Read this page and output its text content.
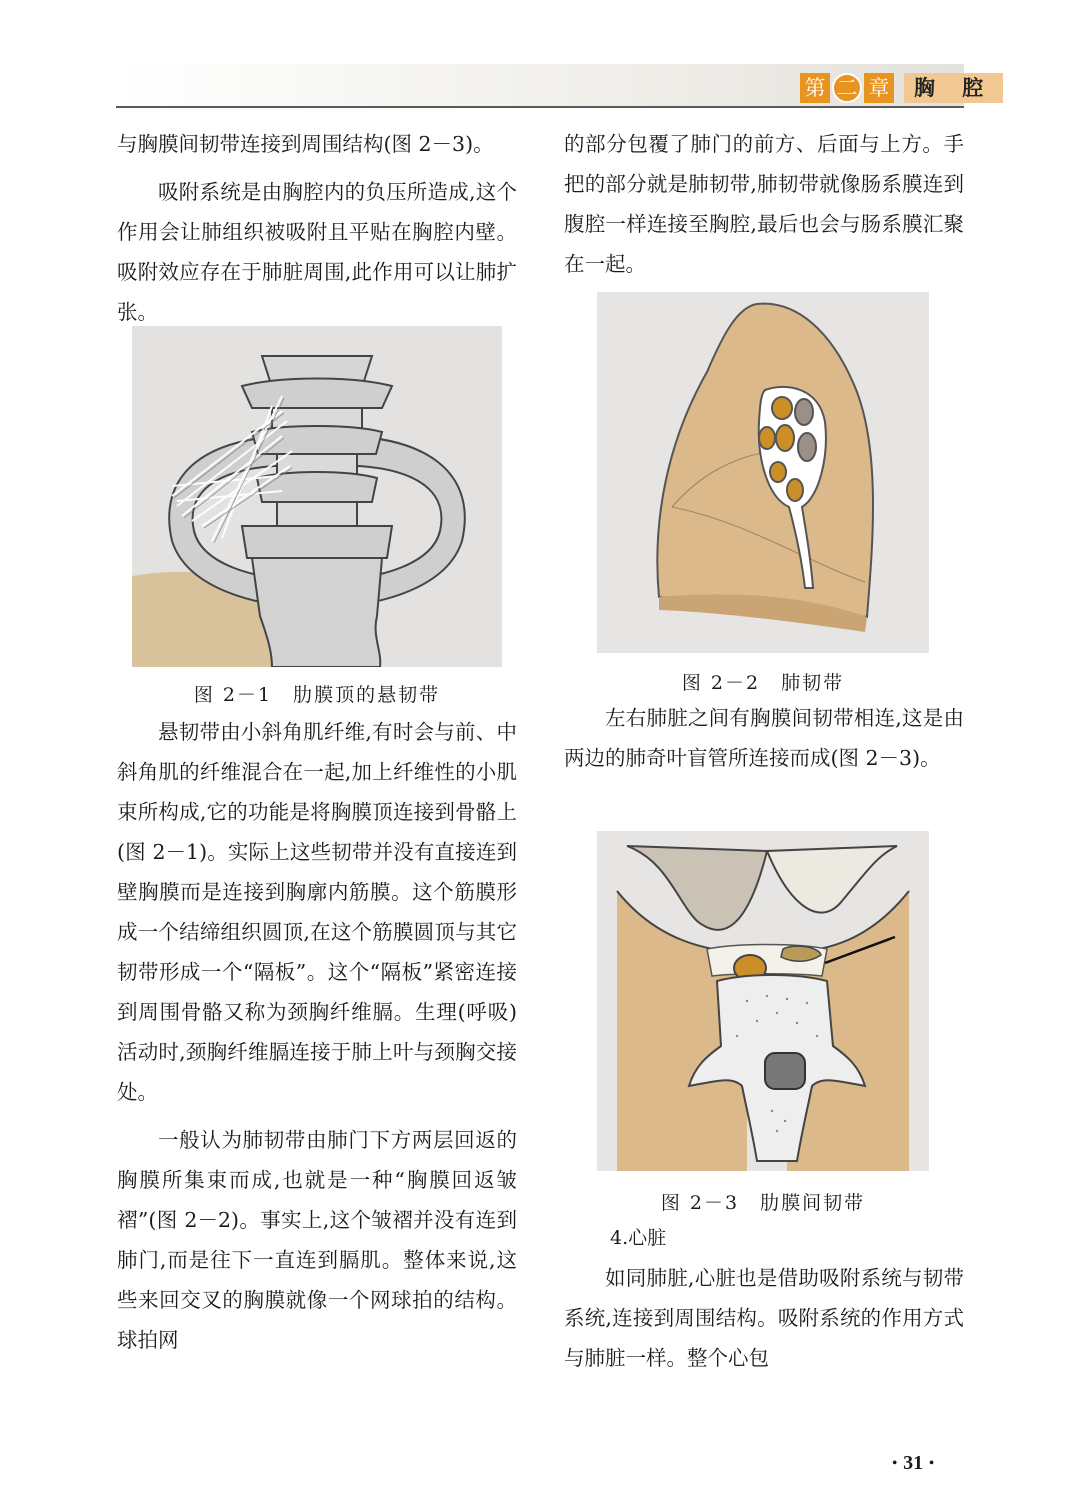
第 二 章	胸 腔

与胸膜间韧带连接到周围结构(图 2－3)。

吸附系统是由胸腔内的负压所造成,这个作用会让肺组织被吸附且平贴在胸腔内壁。吸附效应存在于肺脏周围,此作用可以让肺扩张。

图 2－1　肋膜顶的悬韧带

悬韧带由小斜角肌纤维,有时会与前、中斜角肌的纤维混合在一起,加上纤维性的小肌束所构成,它的功能是将胸膜顶连接到骨骼上(图 2－1)。实际上这些韧带并没有直接连到壁胸膜而是连接到胸廓内筋膜。这个筋膜形成一个结缔组织圆顶,在这个筋膜圆顶与其它韧带形成一个“隔板”。这个“隔板”紧密连接到周围骨骼又称为颈胸纤维膈。生理(呼吸)活动时,颈胸纤维膈连接于肺上叶与颈胸交接处。

一般认为肺韧带由肺门下方两层回返的胸膜所集束而成,也就是一种“胸膜回返皱褶”(图 2－2)。事实上,这个皱褶并没有连到肺门,而是往下一直连到膈肌。整体来说,这些来回交叉的胸膜就像一个网球拍的结构。球拍网

的部分包覆了肺门的前方、后面与上方。手把的部分就是肺韧带,肺韧带就像肠系膜连到腹腔一样连接至胸腔,最后也会与肠系膜汇聚在一起。

图 2－2　肺韧带

左右肺脏之间有胸膜间韧带相连,这是由两边的肺奇叶盲管所连接而成(图 2－3)。

图 2－3　肋膜间韧带

4.心脏

如同肺脏,心脏也是借助吸附系统与韧带系统,连接到周围结构。吸附系统的作用方式与肺脏一样。整个心包

• 31 •
